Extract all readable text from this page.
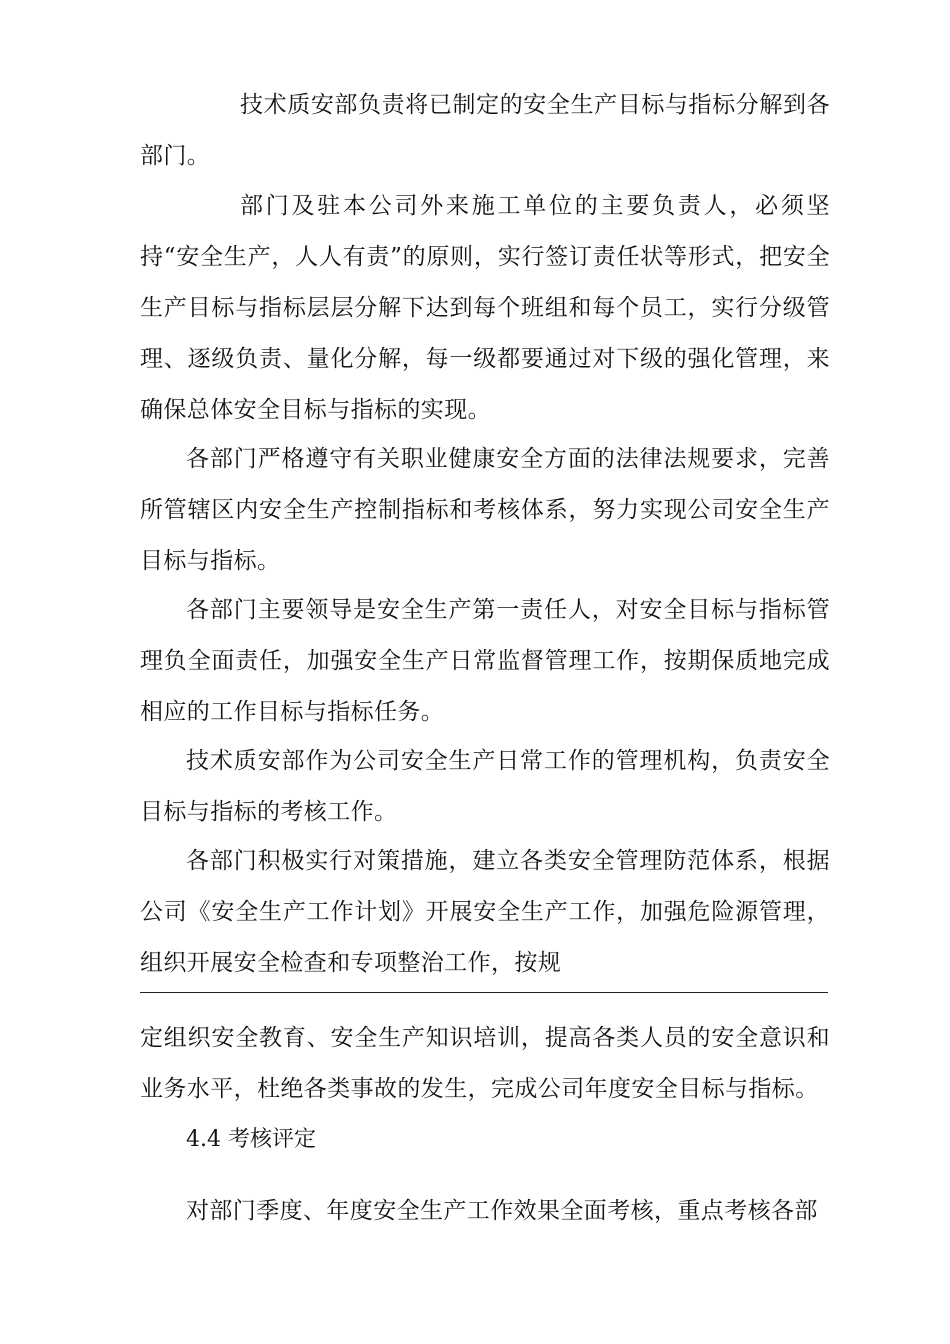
技术质安部负责将已制定的安全生产目标与指标分解到各部门。

部门及驻本公司外来施工单位的主要负责人，必须坚持“安全生产，人人有责”的原则，实行签订责任状等形式，把安全生产目标与指标层层分解下达到每个班组和每个员工，实行分级管理、逐级负责、量化分解，每一级都要通过对下级的强化管理，来确保总体安全目标与指标的实现。

各部门严格遵守有关职业健康安全方面的法律法规要求，完善所管辖区内安全生产控制指标和考核体系，努力实现公司安全生产目标与指标。

各部门主要领导是安全生产第一责任人，对安全目标与指标管理负全面责任，加强安全生产日常监督管理工作，按期保质地完成相应的工作目标与指标任务。

技术质安部作为公司安全生产日常工作的管理机构，负责安全目标与指标的考核工作。

各部门积极实行对策措施，建立各类安全管理防范体系，根据公司《安全生产工作计划》开展安全生产工作，加强危险源管理，组织开展安全检查和专项整治工作，按规

定组织安全教育、安全生产知识培训，提高各类人员的安全意识和业务水平，杜绝各类事故的发生，完成公司年度安全目标与指标。

4.4 考核评定

对部门季度、年度安全生产工作效果全面考核，重点考核各部
